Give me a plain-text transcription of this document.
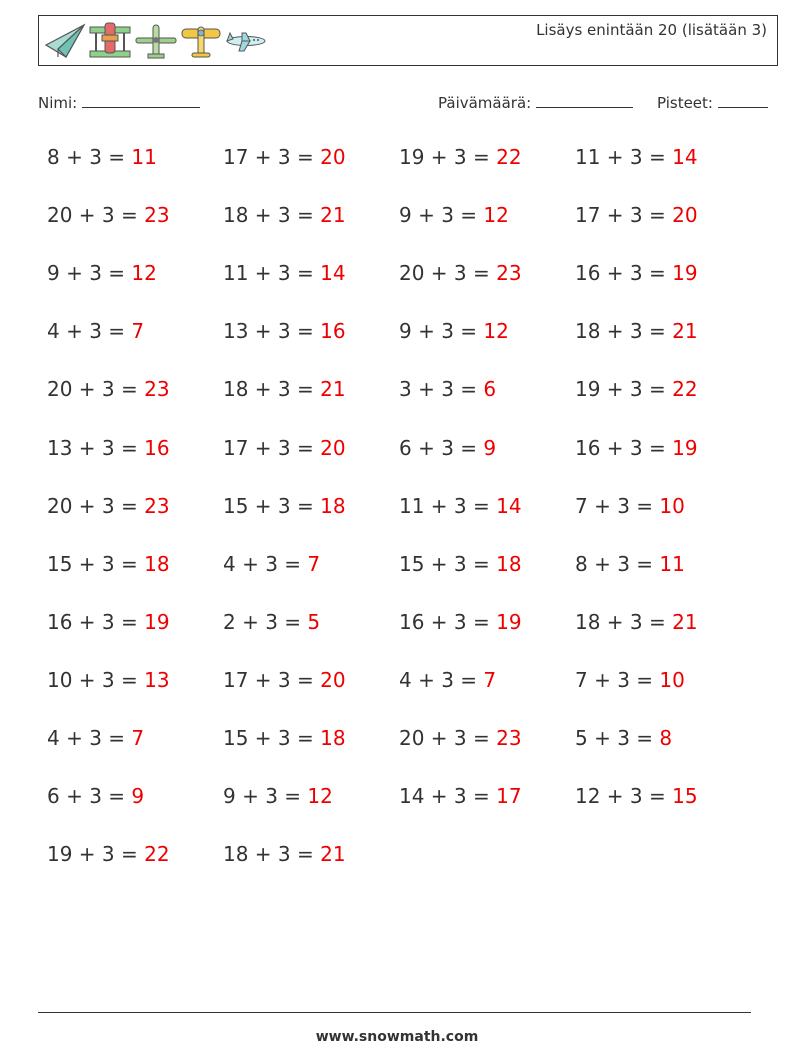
Lisäys enintään 20 (lisätään 3)
Nimi:	Päivämäärä:	Pisteet:
8 + 3 = 11	17 + 3 = 20	19 + 3 = 22	11 + 3 = 14
20 + 3 = 23	18 + 3 = 21	9 + 3 = 12	17 + 3 = 20
9 + 3 = 12	11 + 3 = 14	20 + 3 = 23	16 + 3 = 19
4 + 3 = 7	13 + 3 = 16	9 + 3 = 12	18 + 3 = 21
20 + 3 = 23	18 + 3 = 21	3 + 3 = 6	19 + 3 = 22
13 + 3 = 16	17 + 3 = 20	6 + 3 = 9	16 + 3 = 19
20 + 3 = 23	15 + 3 = 18	11 + 3 = 14	7 + 3 = 10
15 + 3 = 18	4 + 3 = 7	15 + 3 = 18	8 + 3 = 11
16 + 3 = 19	2 + 3 = 5	16 + 3 = 19	18 + 3 = 21
10 + 3 = 13	17 + 3 = 20	4 + 3 = 7	7 + 3 = 10
4 + 3 = 7	15 + 3 = 18	20 + 3 = 23	5 + 3 = 8
6 + 3 = 9	9 + 3 = 12	14 + 3 = 17	12 + 3 = 15
19 + 3 = 22	18 + 3 = 21
www.snowmath.com
